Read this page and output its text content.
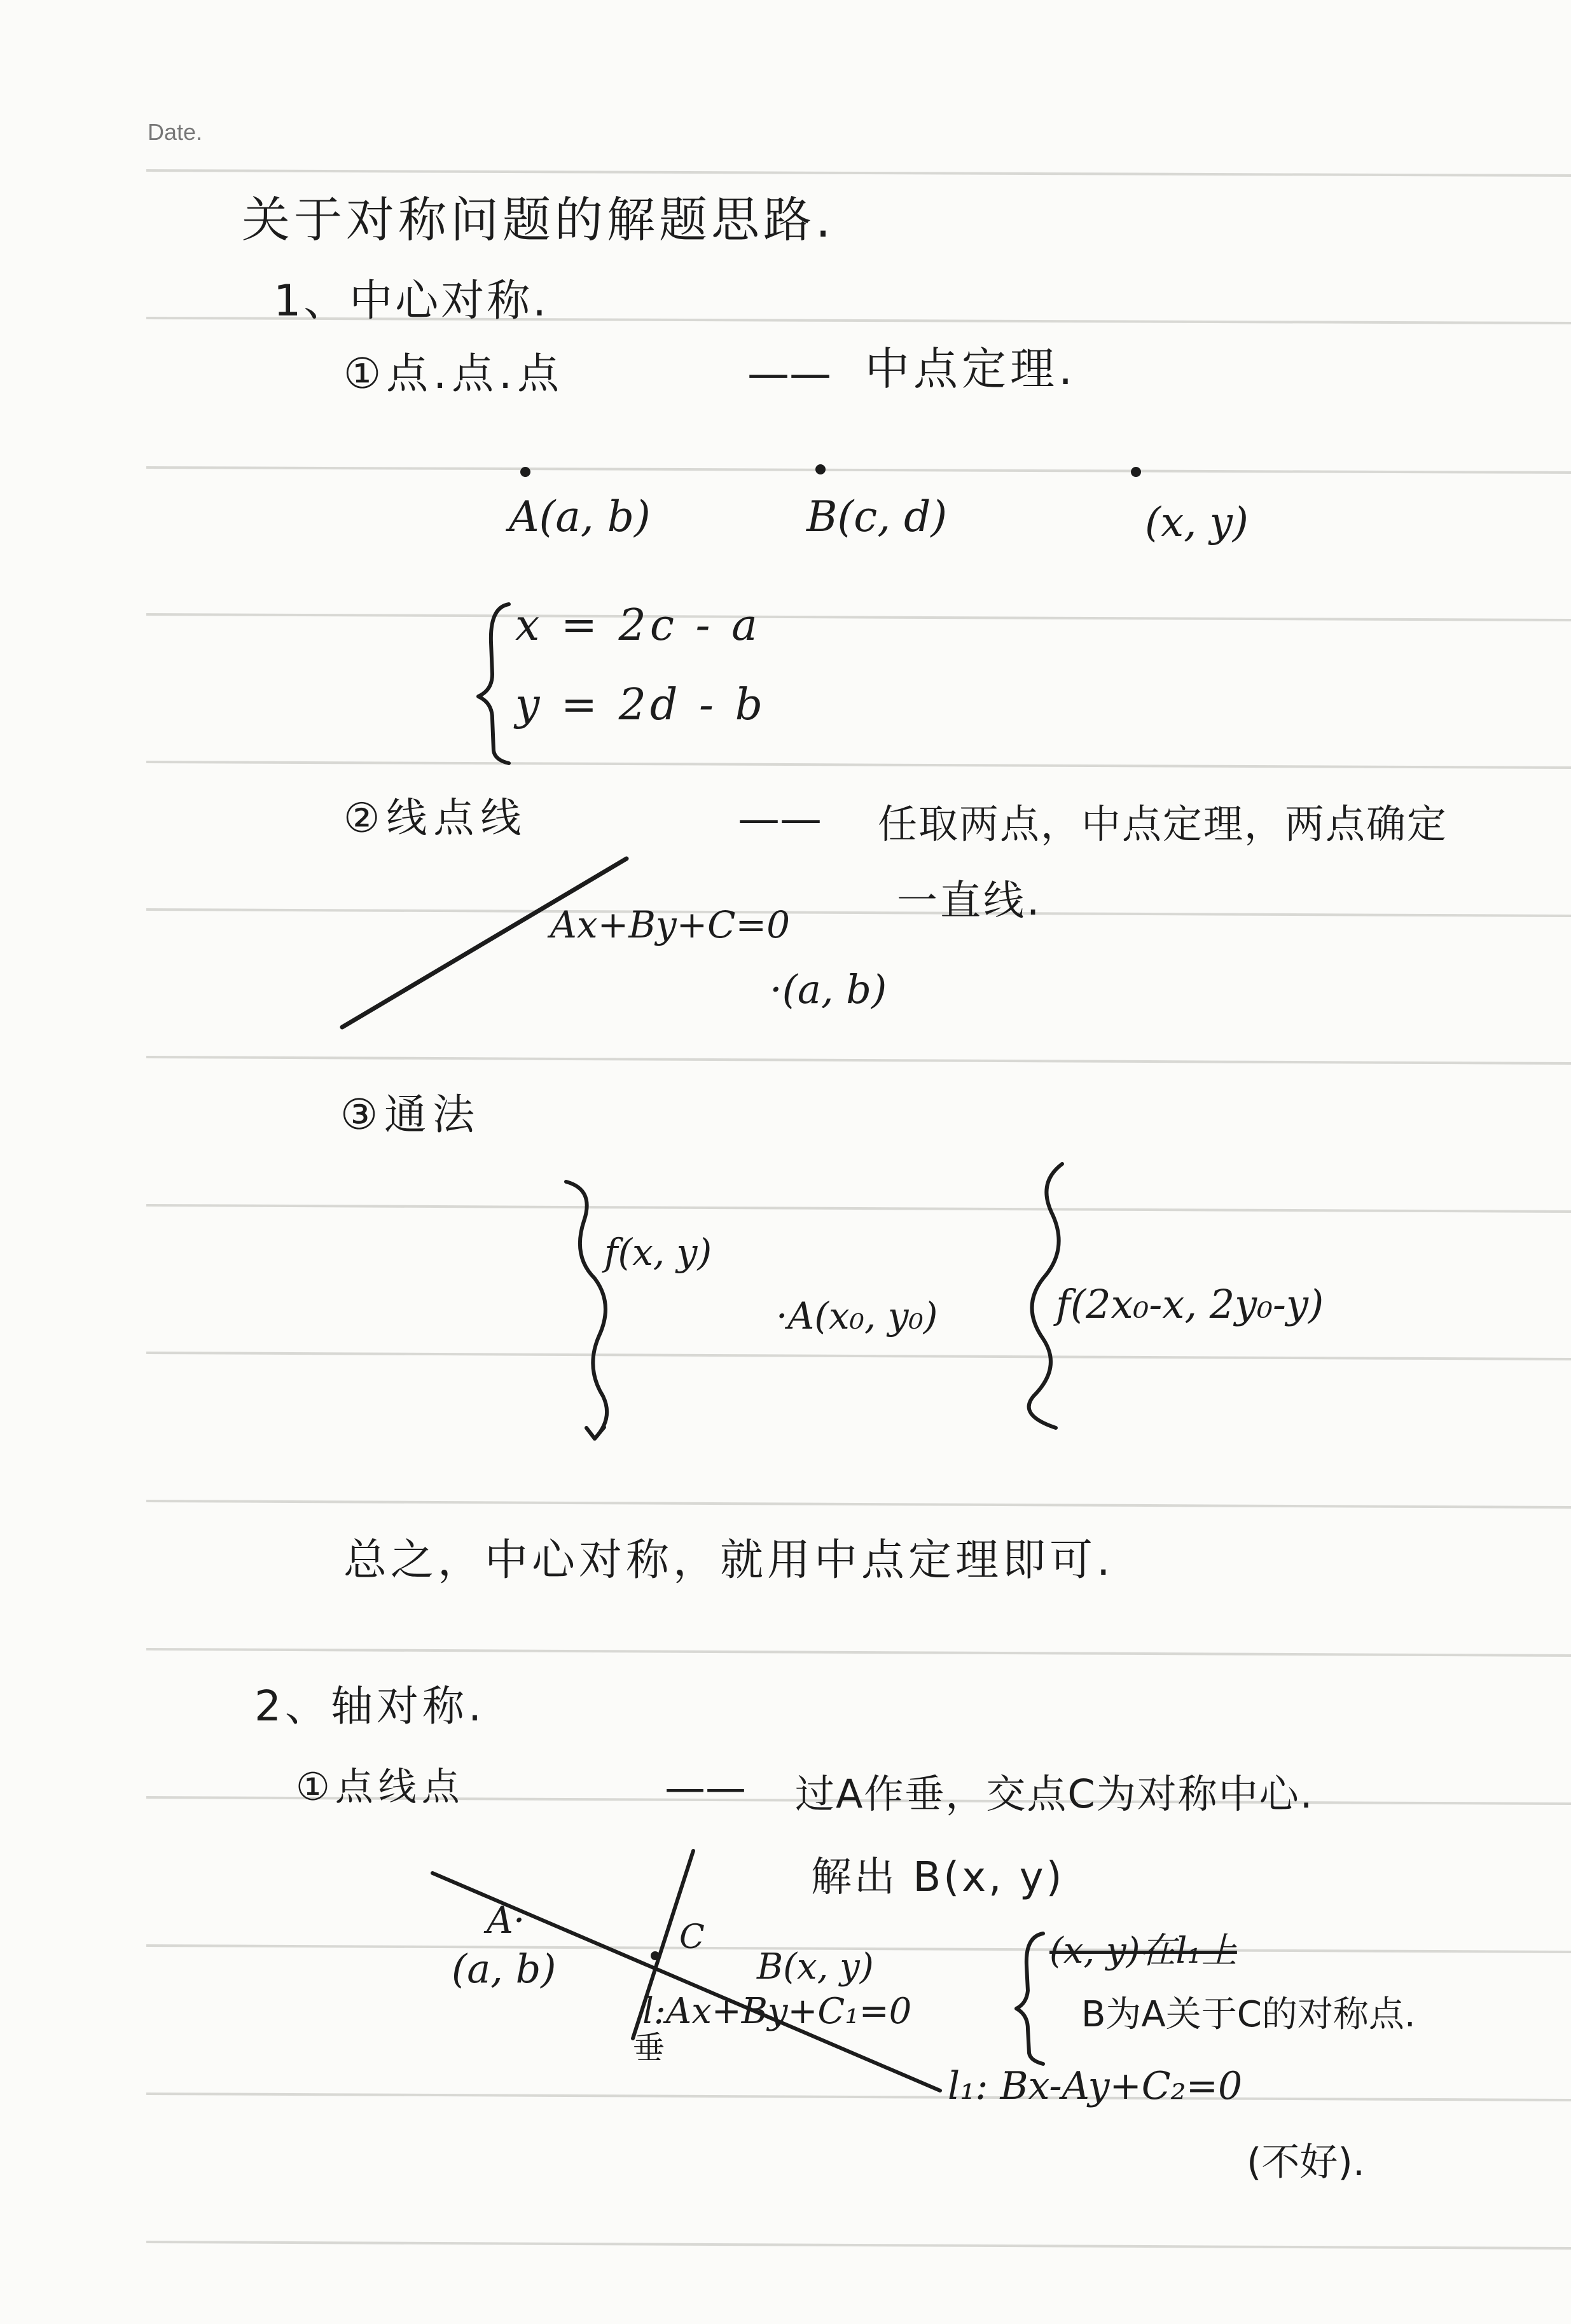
Date.
关于对称问题的解题思路.
1、中心对称.
①点.点.点	—— 中点定理.
A(a, b)	B(c, d)	(x, y)
x = 2c - a
y = 2d - b
②线点线	—— 任取两点，中点定理，两点确定
一直线.
Ax+By+C=0
·(a, b)
③通法
f(x, y)
·A(x₀, y₀)	f(2x₀-x, 2y₀-y)
总之，中心对称，就用中点定理即可.
2、轴对称.
①点线点	—— 过A作垂，交点C为对称中心.
解出 B(x, y)
A·
(a, b)
C
B(x, y)
l:Ax+By+C₁=0
垂
(x, y)在l₁上
B为A关于C的对称点.
l₁: Bx-Ay+C₂=0
(不好).
